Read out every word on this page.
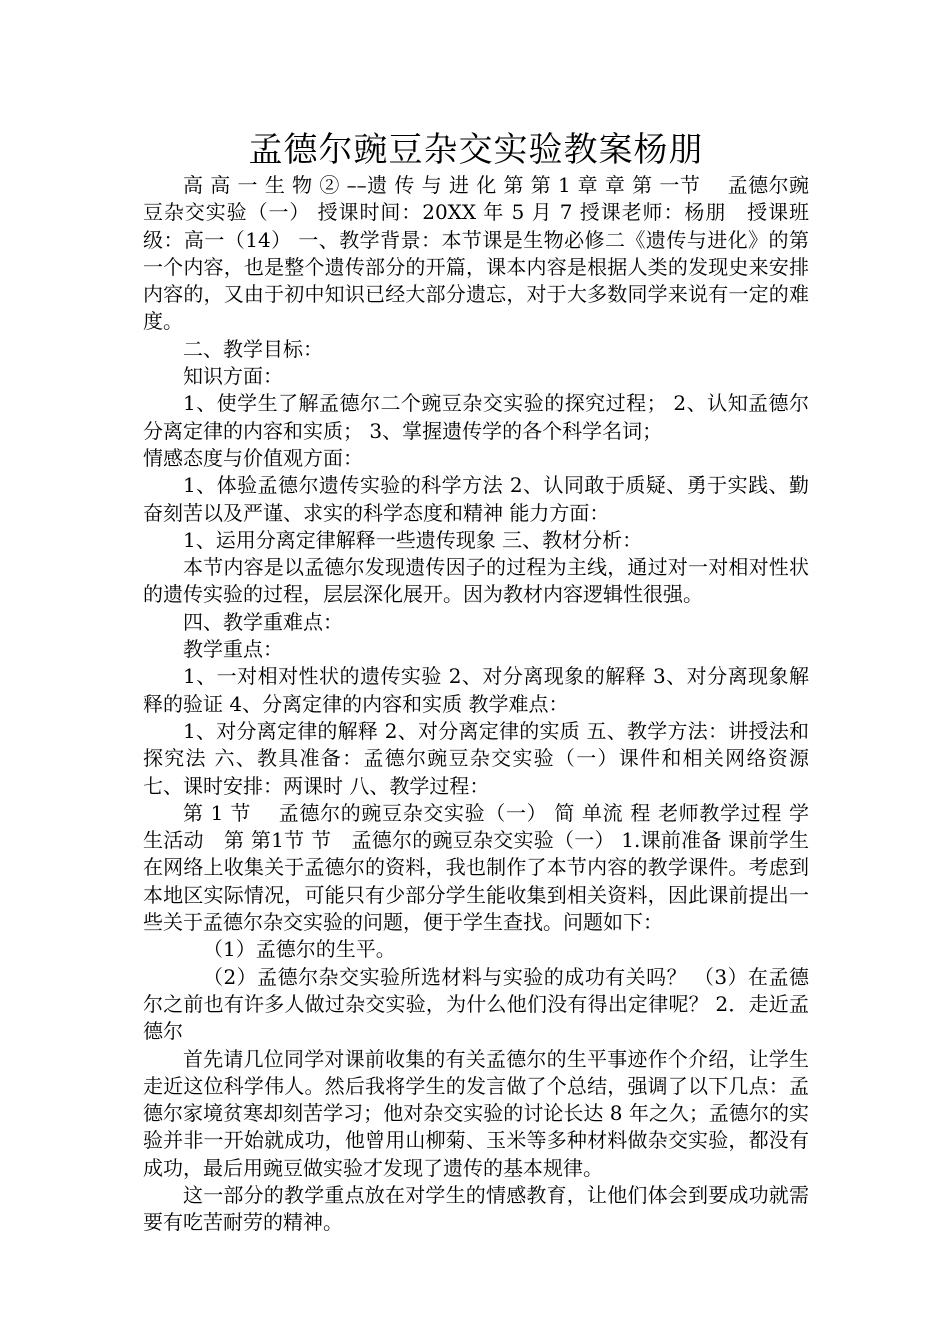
孟德尔豌豆杂交实验教案杨朋

高 高 一 生 物 ② ––遗 传 与 进 化 第 第 1 章 章 第 一节　 孟德尔豌豆杂交实验（一） 授课时间：20XX 年 5 月 7 授课老师：杨朋　授课班级：高一（14） 一、教学背景：本节课是生物必修二《遗传与进化》的第一个内容，也是整个遗传部分的开篇，课本内容是根据人类的发现史来安排内容的，又由于初中知识已经大部分遗忘，对于大多数同学来说有一定的难度。

二、教学目标：

知识方面：

1、使学生了解孟德尔二个豌豆杂交实验的探究过程； 2、认知孟德尔分离定律的内容和实质； 3、掌握遗传学的各个科学名词；

情感态度与价值观方面：

1、体验孟德尔遗传实验的科学方法 2、认同敢于质疑、勇于实践、勤奋刻苦以及严谨、求实的科学态度和精神 能力方面：

1、运用分离定律解释一些遗传现象 三、教材分析：

本节内容是以孟德尔发现遗传因子的过程为主线，通过对一对相对性状的遗传实验的过程，层层深化展开。因为教材内容逻辑性很强。

四、教学重难点：

教学重点：

1、一对相对性状的遗传实验 2、对分离现象的解释 3、对分离现象解释的验证 4、分离定律的内容和实质 教学难点：

1、对分离定律的解释 2、对分离定律的实质 五、教学方法：讲授法和探究法 六、教具准备：孟德尔豌豆杂交实验（一）课件和相关网络资源 七、课时安排：两课时 八、教学过程：

第 1 节　 孟德尔的豌豆杂交实验（一） 简 单流 程 老师教学过程 学 生活动　第 第1节 节　孟德尔的豌豆杂交实验（一） 1.课前准备 课前学生在网络上收集关于孟德尔的资料，我也制作了本节内容的教学课件。考虑到本地区实际情况，可能只有少部分学生能收集到相关资料，因此课前提出一些关于孟德尔杂交实验的问题，便于学生查找。问题如下：

（1）孟德尔的生平。

（2）孟德尔杂交实验所选材料与实验的成功有关吗？ （3）在孟德尔之前也有许多人做过杂交实验，为什么他们没有得出定律呢？ 2．走近孟德尔

首先请几位同学对课前收集的有关孟德尔的生平事迹作个介绍，让学生走近这位科学伟人。然后我将学生的发言做了个总结，强调了以下几点：孟德尔家境贫寒却刻苦学习；他对杂交实验的讨论长达 8 年之久；孟德尔的实验并非一开始就成功，他曾用山柳菊、玉米等多种材料做杂交实验，都没有成功，最后用豌豆做实验才发现了遗传的基本规律。

这一部分的教学重点放在对学生的情感教育，让他们体会到要成功就需要有吃苦耐劳的精神。
